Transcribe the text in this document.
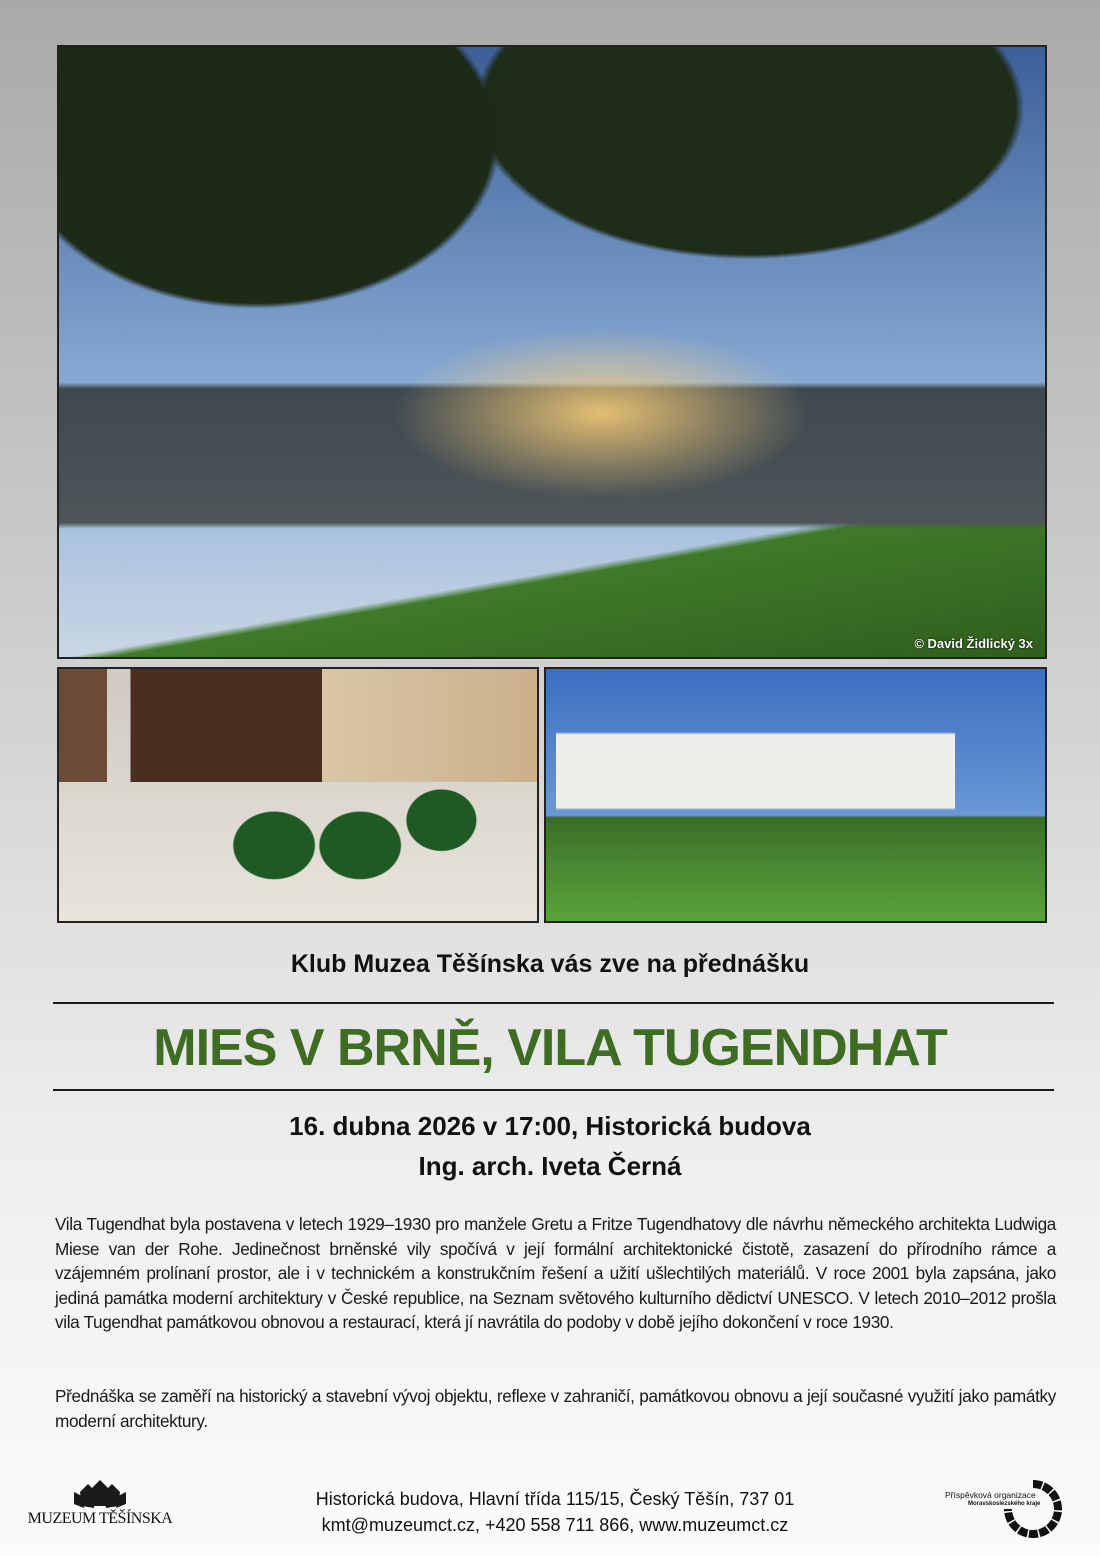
© David Židlický 3x
Klub Muzea Těšínska vás zve na přednášku
MIES V BRNĚ, VILA TUGENDHAT
16. dubna 2026 v 17:00, Historická budova
Ing. arch. Iveta Černá

Vila Tugendhat byla postavena v letech 1929–1930 pro manžele Gretu a Fritze Tugendhatovy dle návrhu německého architekta Ludwiga Miese van der Rohe. Jedinečnost brněnské vily spočívá v její formální architektonické čistotě, zasazení do přírodního rámce a vzájemném prolínaní prostor, ale i v technickém a konstrukčním řešení a užití ušlechtilých materiálů. V roce 2001 byla zapsána, jako jediná památka moderní architektury v České republice, na Seznam světového kulturního dědictví UNESCO. V letech 2010–2012 prošla vila Tugendhat památkovou obnovou a restaurací, která jí navrátila do podoby v době jejího dokončení v roce 1930.

Přednáška se zaměří na historický a stavební vývoj objektu, reflexe v zahraničí, památkovou obnovu a její současné využití jako památky moderní architektury.

MUZEUM TĚŠÍNSKA
Historická budova, Hlavní třída 115/15, Český Těšín, 737 01
kmt@muzeumct.cz, +420 558 711 866, www.muzeumct.cz
Příspěvková organizace
Moravskoslezského kraje
